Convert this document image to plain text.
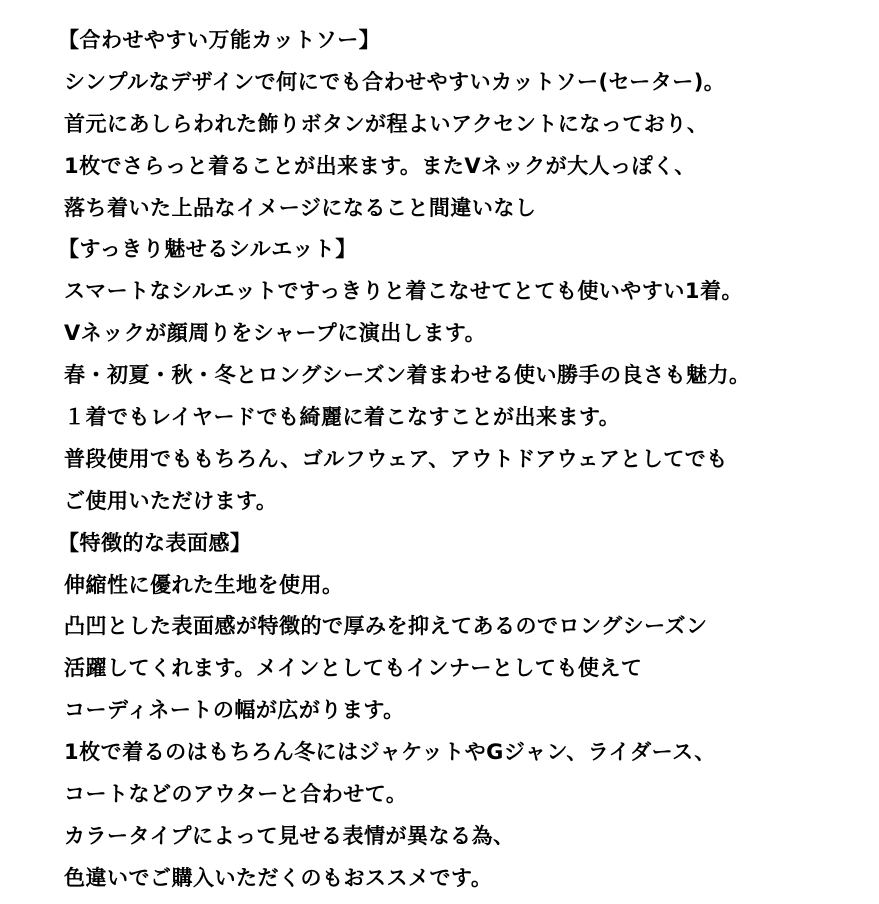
【合わせやすい万能カットソー】
シンプルなデザインで何にでも合わせやすいカットソー(セーター)。
首元にあしらわれた飾りボタンが程よいアクセントになっており、
1枚でさらっと着ることが出来ます。またVネックが大人っぽく、
落ち着いた上品なイメージになること間違いなし
【すっきり魅せるシルエット】
スマートなシルエットですっきりと着こなせてとても使いやすい1着。
Vネックが顔周りをシャープに演出します。
春・初夏・秋・冬とロングシーズン着まわせる使い勝手の良さも魅力。
１着でもレイヤードでも綺麗に着こなすことが出来ます。
普段使用でももちろん、ゴルフウェア、アウトドアウェアとしてでも
ご使用いただけます。
【特徴的な表面感】
伸縮性に優れた生地を使用。
凸凹とした表面感が特徴的で厚みを抑えてあるのでロングシーズン
活躍してくれます。メインとしてもインナーとしても使えて
コーディネートの幅が広がります。
1枚で着るのはもちろん冬にはジャケットやGジャン、ライダース、
コートなどのアウターと合わせて。
カラータイプによって見せる表情が異なる為、
色違いでご購入いただくのもおススメです。
